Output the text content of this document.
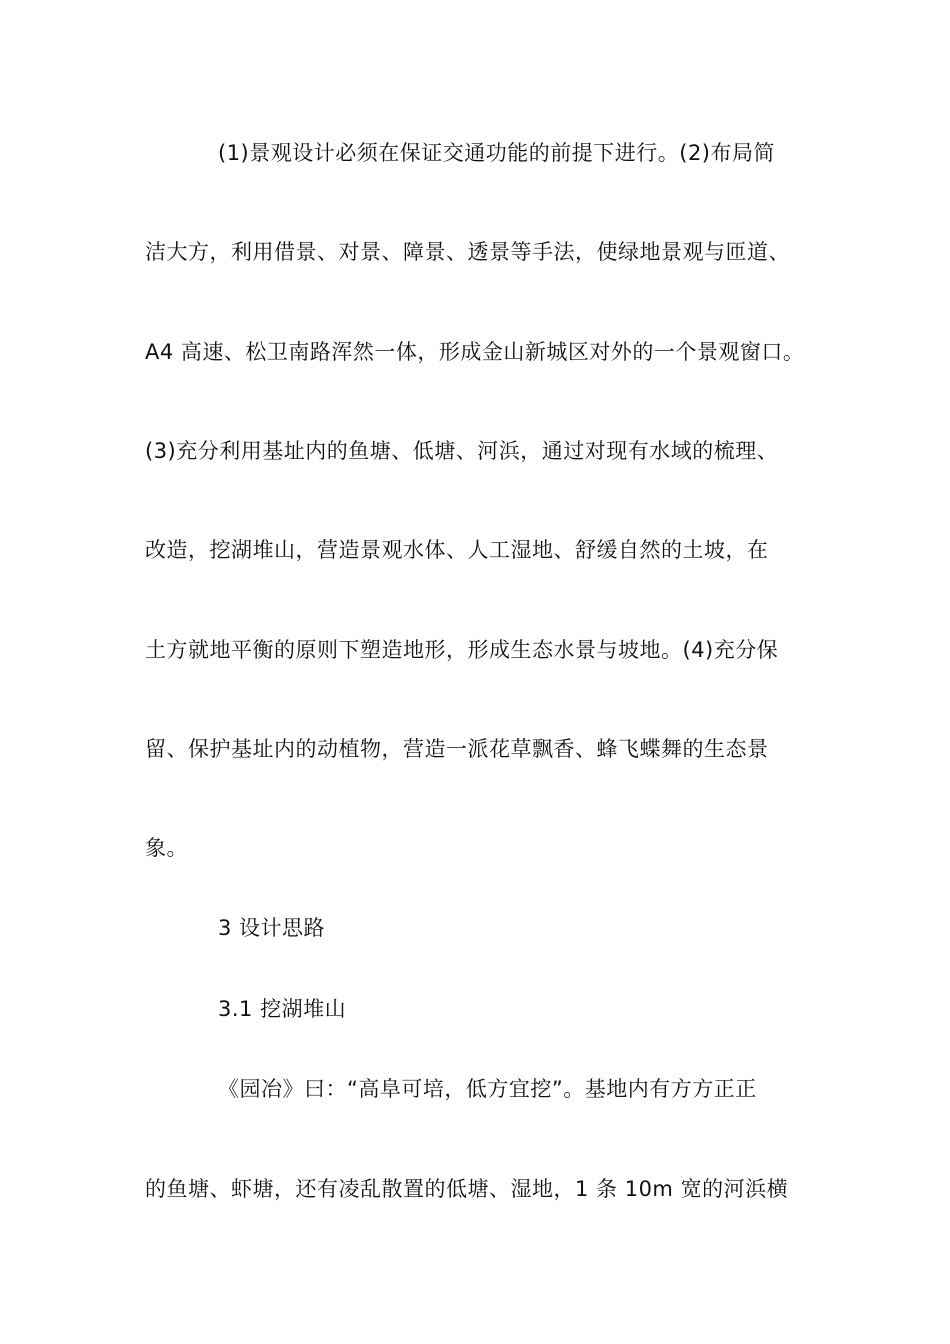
(1)景观设计必须在保证交通功能的前提下进行。(2)布局简
洁大方，利用借景、对景、障景、透景等手法，使绿地景观与匝道、
A4 高速、松卫南路浑然一体，形成金山新城区对外的一个景观窗口。
(3)充分利用基址内的鱼塘、低塘、河浜，通过对现有水域的梳理、
改造，挖湖堆山，营造景观水体、人工湿地、舒缓自然的土坡，在
土方就地平衡的原则下塑造地形，形成生态水景与坡地。(4)充分保
留、保护基址内的动植物，营造一派花草飘香、蜂飞蝶舞的生态景
象。
3 设计思路
3.1 挖湖堆山
《园冶》曰：“高阜可培，低方宜挖”。基地内有方方正正
的鱼塘、虾塘，还有凌乱散置的低塘、湿地，1 条 10m 宽的河浜横
